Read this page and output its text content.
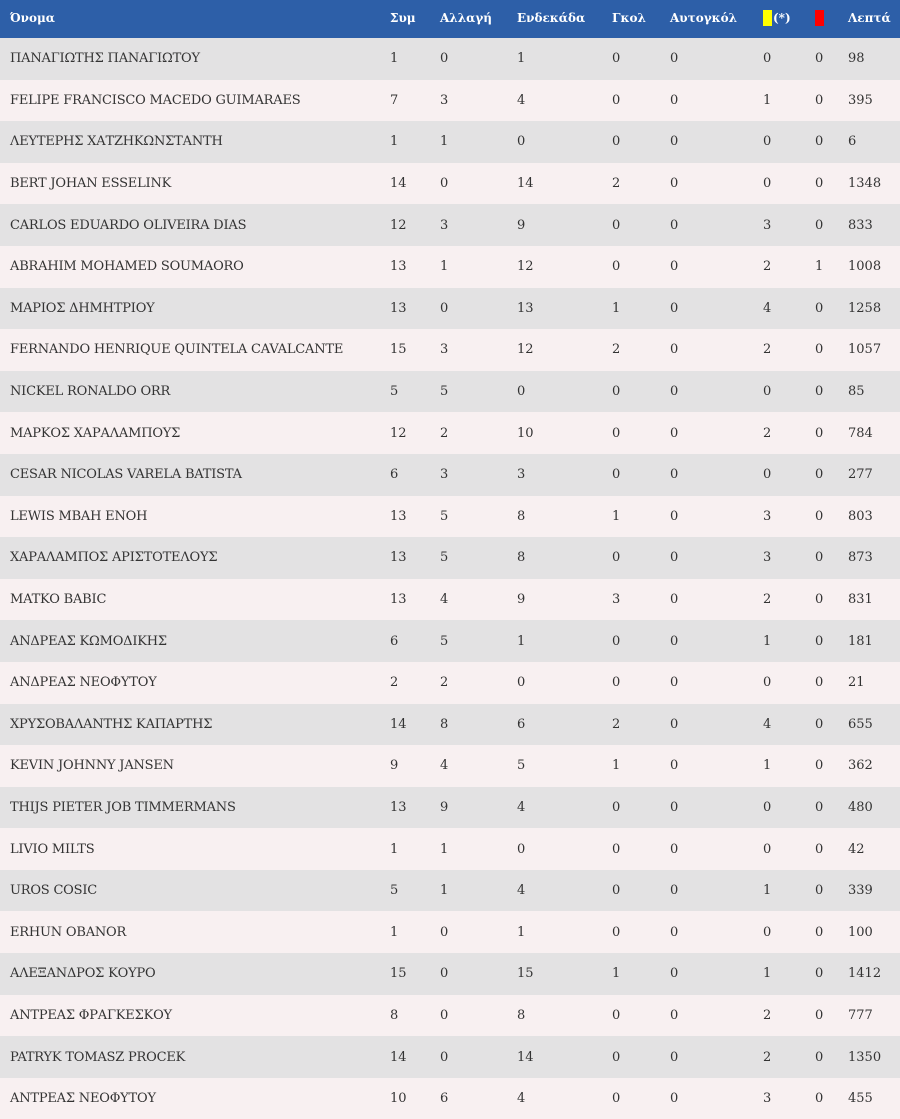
Όνομα	Συμ	Αλλαγή	Ενδεκάδα	Γκολ	Αυτογκόλ	(*)		Λεπτά
ΠΑΝΑΓΙΩΤΗΣ ΠΑΝΑΓΙΩΤΟΥ	1	0	1	0	0	0	0	98
FELIPE FRANCISCO MACEDO GUIMARAES	7	3	4	0	0	1	0	395
ΛΕΥΤΕΡΗΣ ΧΑΤΖΗΚΩΝΣΤΑΝΤΗ	1	1	0	0	0	0	0	6
BERT JOHAN ESSELINK	14	0	14	2	0	0	0	1348
CARLOS EDUARDO OLIVEIRA DIAS	12	3	9	0	0	3	0	833
ABRAHIM MOHAMED SOUMAORO	13	1	12	0	0	2	1	1008
ΜΑΡΙΟΣ ΔΗΜΗΤΡΙΟΥ	13	0	13	1	0	4	0	1258
FERNANDO HENRIQUE QUINTELA CAVALCANTE	15	3	12	2	0	2	0	1057
NICKEL RONALDO ORR	5	5	0	0	0	0	0	85
ΜΑΡΚΟΣ ΧΑΡΑΛΑΜΠΟΥΣ	12	2	10	0	0	2	0	784
CESAR NICOLAS VARELA BATISTA	6	3	3	0	0	0	0	277
LEWIS MBAH ENOH	13	5	8	1	0	3	0	803
ΧΑΡΑΛΑΜΠΟΣ ΑΡΙΣΤΟΤΕΛΟΥΣ	13	5	8	0	0	3	0	873
MATKO BABIC	13	4	9	3	0	2	0	831
ΑΝΔΡΕΑΣ ΚΩΜΟΔΙΚΗΣ	6	5	1	0	0	1	0	181
ΑΝΔΡΕΑΣ ΝΕΟΦΥΤΟΥ	2	2	0	0	0	0	0	21
ΧΡΥΣΟΒΑΛΑΝΤΗΣ ΚΑΠΑΡΤΗΣ	14	8	6	2	0	4	0	655
KEVIN JOHNNY JANSEN	9	4	5	1	0	1	0	362
THIJS PIETER JOB TIMMERMANS	13	9	4	0	0	0	0	480
LIVIO MILTS	1	1	0	0	0	0	0	42
UROS COSIC	5	1	4	0	0	1	0	339
ERHUN OBANOR	1	0	1	0	0	0	0	100
ΑΛΕΞΑΝΔΡΟΣ ΚΟΥΡΟ	15	0	15	1	0	1	0	1412
ΑΝΤΡΕΑΣ ΦΡΑΓΚΕΣΚΟΥ	8	0	8	0	0	2	0	777
PATRYK TOMASZ PROCEK	14	0	14	0	0	2	0	1350
ΑΝΤΡΕΑΣ ΝΕΟΦΥΤΟΥ	10	6	4	0	0	3	0	455
